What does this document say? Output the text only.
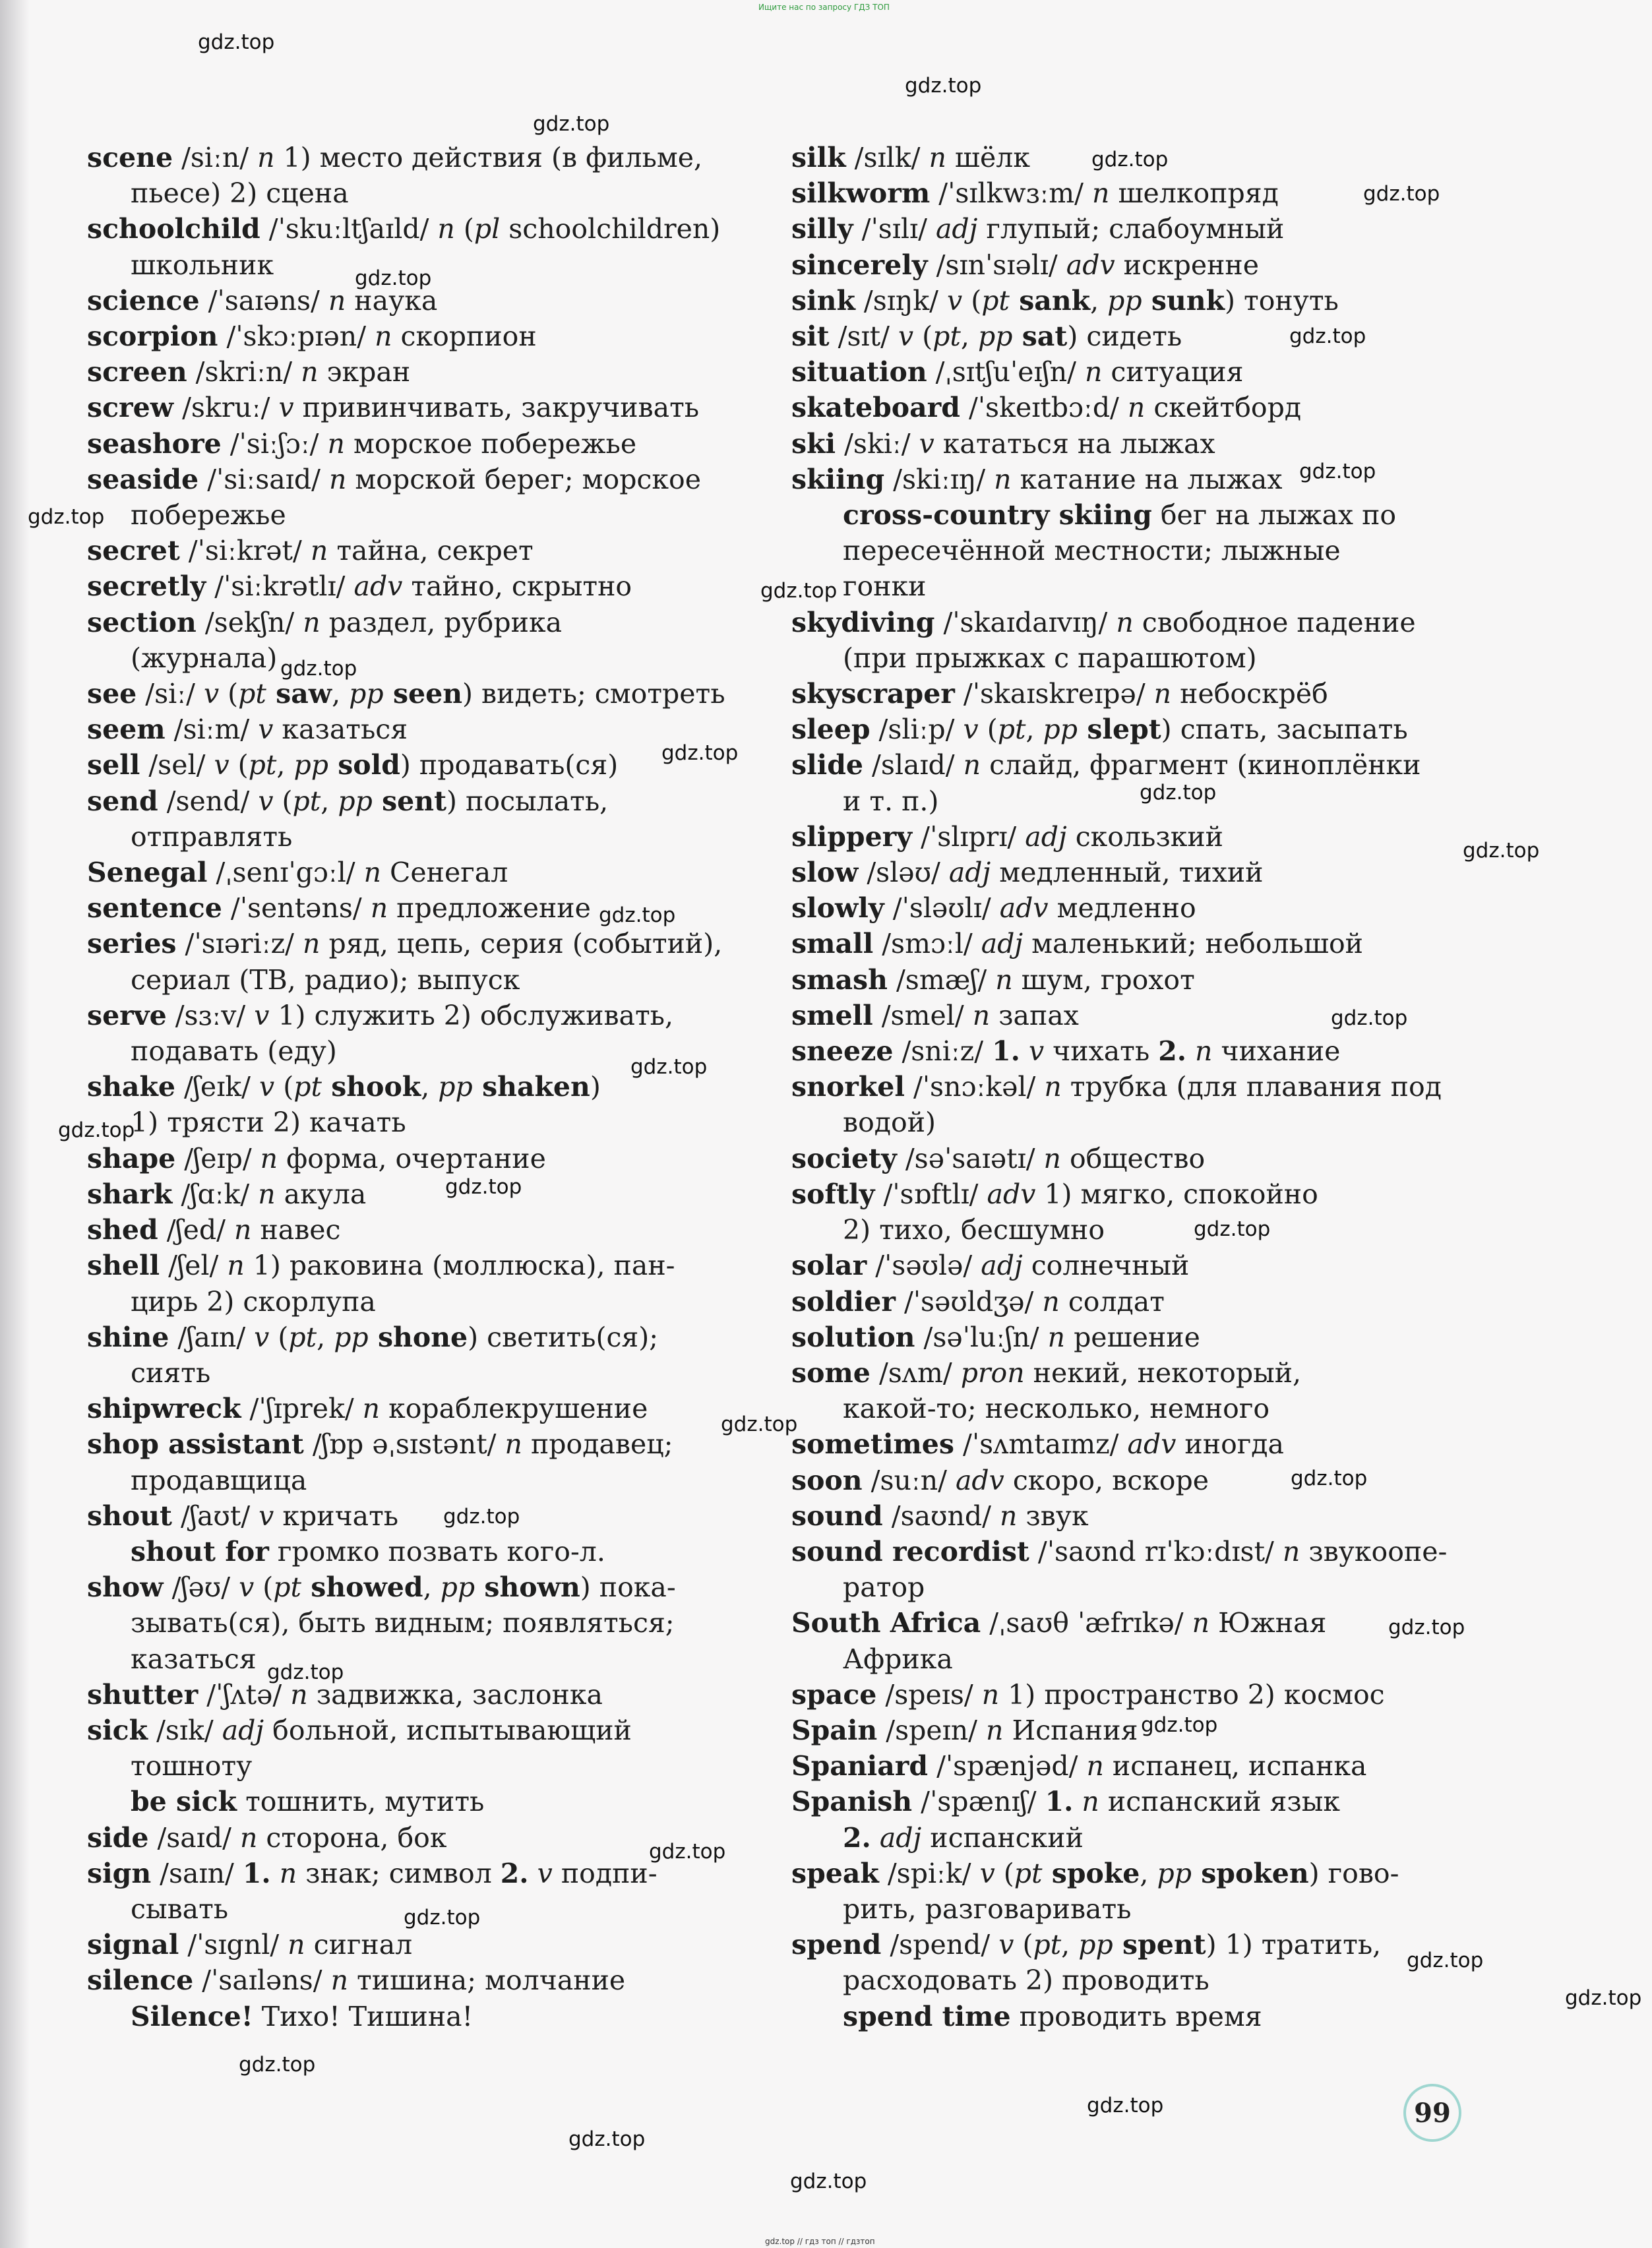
Ищите нас по запросу ГДЗ ТОП
scene /siːn/ n 1) место действия (в фильме,
пьесе) 2) сцена
schoolchild /ˈskuːltʃaɪld/ n (pl schoolchildren)
школьник
science /ˈsaɪəns/ n наука
scorpion /ˈskɔːpɪən/ n скорпион
screen /skriːn/ n экран
screw /skruː/ v привинчивать, закручивать
seashore /ˈsiːʃɔː/ n морское побережье
seaside /ˈsiːsaɪd/ n морской берег; морское
побережье
secret /ˈsiːkrət/ n тайна, секрет
secretly /ˈsiːkrətlɪ/ adv тайно, скрытно
section /sekʃn/ n раздел, рубрика
(журнала)
see /siː/ v (pt saw, pp seen) видеть; смотреть
seem /siːm/ v казаться
sell /sel/ v (pt, pp sold) продавать(ся)
send /send/ v (pt, pp sent) посылать,
отправлять
Senegal /ˌsenɪˈgɔːl/ n Сенегал
sentence /ˈsentəns/ n предложение
series /ˈsɪəriːz/ n ряд, цепь, серия (событий),
сериал (ТВ, радио); выпуск
serve /sɜːv/ v 1) служить 2) обслуживать,
подавать (еду)
shake /ʃeɪk/ v (pt shook, pp shaken)
1) трясти 2) качать
shape /ʃeɪp/ n форма, очертание
shark /ʃɑːk/ n акула
shed /ʃed/ n навес
shell /ʃel/ n 1) раковина (моллюска), пан-
цирь 2) скорлупа
shine /ʃaɪn/ v (pt, pp shone) светить(ся);
сиять
shipwreck /ˈʃɪprek/ n кораблекрушение
shop assistant /ʃɒp əˌsɪstənt/ n продавец;
продавщица
shout /ʃaʊt/ v кричать
shout for громко позвать кого-л.
show /ʃəʊ/ v (pt showed, pp shown) пока-
зывать(ся), быть видным; появляться;
казаться
shutter /ˈʃʌtə/ n задвижка, заслонка
sick /sɪk/ adj больной, испытывающий
тошноту
be sick тошнить, мутить
side /saɪd/ n сторона, бок
sign /saɪn/ 1. n знак; символ 2. v подпи-
сывать
signal /ˈsɪgnl/ n сигнал
silence /ˈsaɪləns/ n тишина; молчание
Silence! Тихо! Тишина!
silk /sɪlk/ n шёлк
silkworm /ˈsɪlkwɜːm/ n шелкопряд
silly /ˈsɪlɪ/ adj глупый; слабоумный
sincerely /sɪnˈsɪəlɪ/ adv искренне
sink /sɪŋk/ v (pt sank, pp sunk) тонуть
sit /sɪt/ v (pt, pp sat) сидеть
situation /ˌsɪtʃuˈeɪʃn/ n ситуация
skateboard /ˈskeɪtbɔːd/ n скейтборд
ski /skiː/ v кататься на лыжах
skiing /skiːɪŋ/ n катание на лыжах
cross-country skiing бег на лыжах по
пересечённой местности; лыжные
гонки
skydiving /ˈskaɪdaɪvɪŋ/ n свободное падение
(при прыжках с парашютом)
skyscraper /ˈskaɪskreɪpə/ n небоскрёб
sleep /sliːp/ v (pt, pp slept) спать, засыпать
slide /slaɪd/ n слайд, фрагмент (киноплёнки
и т. п.)
slippery /ˈslɪprɪ/ adj скользкий
slow /sləʊ/ adj медленный, тихий
slowly /ˈsləʊlɪ/ adv медленно
small /smɔːl/ adj маленький; небольшой
smash /smæʃ/ n шум, грохот
smell /smel/ n запах
sneeze /sniːz/ 1. v чихать 2. n чихание
snorkel /ˈsnɔːkəl/ n трубка (для плавания под
водой)
society /səˈsaɪətɪ/ n общество
softly /ˈsɒftlɪ/ adv 1) мягко, спокойно
2) тихо, бесшумно
solar /ˈsəʊlə/ adj солнечный
soldier /ˈsəʊldʒə/ n солдат
solution /səˈluːʃn/ n решение
some /sʌm/ pron некий, некоторый,
какой-то; несколько, немного
sometimes /ˈsʌmtaɪmz/ adv иногда
soon /suːn/ adv скоро, вскоре
sound /saʊnd/ n звук
sound recordist /ˈsaʊnd rɪˈkɔːdɪst/ n звукоопе-
ратор
South Africa /ˌsaʊθ ˈæfrɪkə/ n Южная
Африка
space /speɪs/ n 1) пространство 2) космос
Spain /speɪn/ n Испания
Spaniard /ˈspænjəd/ n испанец, испанка
Spanish /ˈspænɪʃ/ 1. n испанский язык
2. adj испанский
speak /spiːk/ v (pt spoke, pp spoken) гово-
рить, разговаривать
spend /spend/ v (pt, pp spent) 1) тратить,
расходовать 2) проводить
spend time проводить время
gdz.top
gdz.top
gdz.top
gdz.top
gdz.top
gdz.top
gdz.top
gdz.top
gdz.top
gdz.top
gdz.top
gdz.top
gdz.top
gdz.top
gdz.top
gdz.top
gdz.top
gdz.top
gdz.top
gdz.top
gdz.top
gdz.top
gdz.top
gdz.top
gdz.top
gdz.top
gdz.top
gdz.top
gdz.top
gdz.top
gdz.top
gdz.top
gdz.top
gdz.top
99
gdz.top // гдз топ // гдзтоп
